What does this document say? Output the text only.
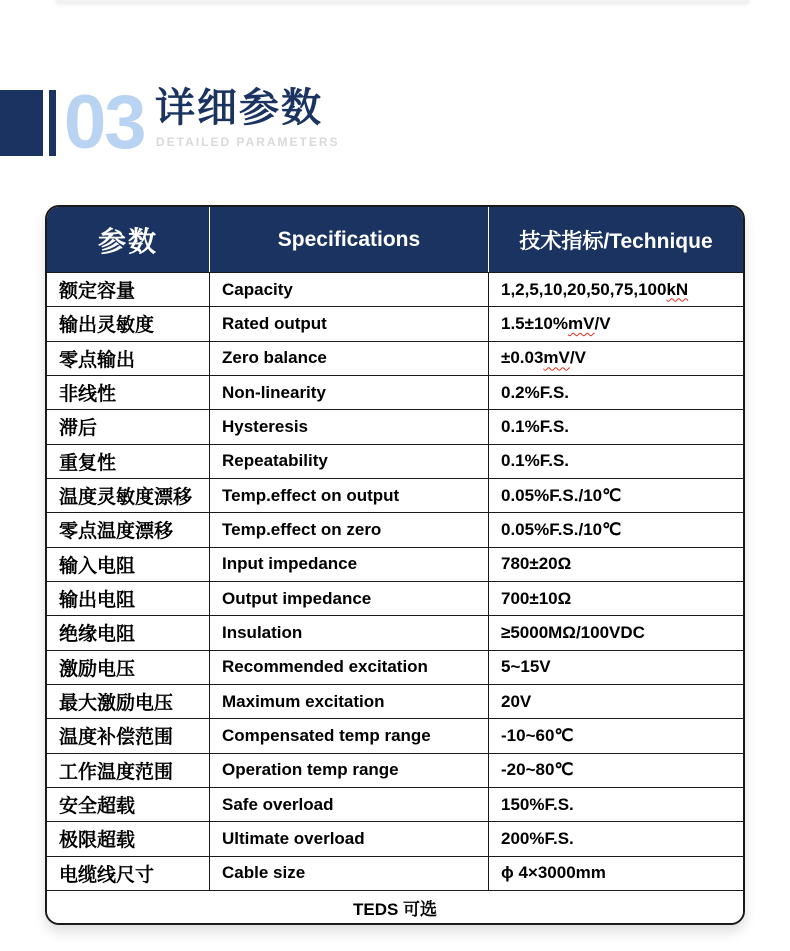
03 详细参数
DETAILED PARAMETERS
参数	Specifications	技术指标/Technique
额定容量	Capacity	1,2,5,10,20,50,75,100 kN
输出灵敏度	Rated output	1.5±10% mV /V
零点输出	Zero balance	±0.03 mV /V
非线性	Non-linearity	0.2%F.S.
滞后	Hysteresis	0.1%F.S.
重复性	Repeatability	0.1%F.S.
温度灵敏度漂移	Temp.effect on output	0.05%F.S./10℃
零点温度漂移	Temp.effect on zero	0.05%F.S./10℃
输入电阻	Input impedance	780±20Ω
输出电阻	Output impedance	700±10Ω
绝缘电阻	Insulation	≥5000MΩ/100VDC
激励电压	Recommended excitation	5~15V
最大激励电压	Maximum excitation	20V
温度补偿范围	Compensated temp range	-10~60℃
工作温度范围	Operation temp range	-20~80℃
安全超载	Safe overload	150%F.S.
极限超载	Ultimate overload	200%F.S.
电缆线尺寸	Cable size	ϕ 4×3000mm
TEDS 可选
